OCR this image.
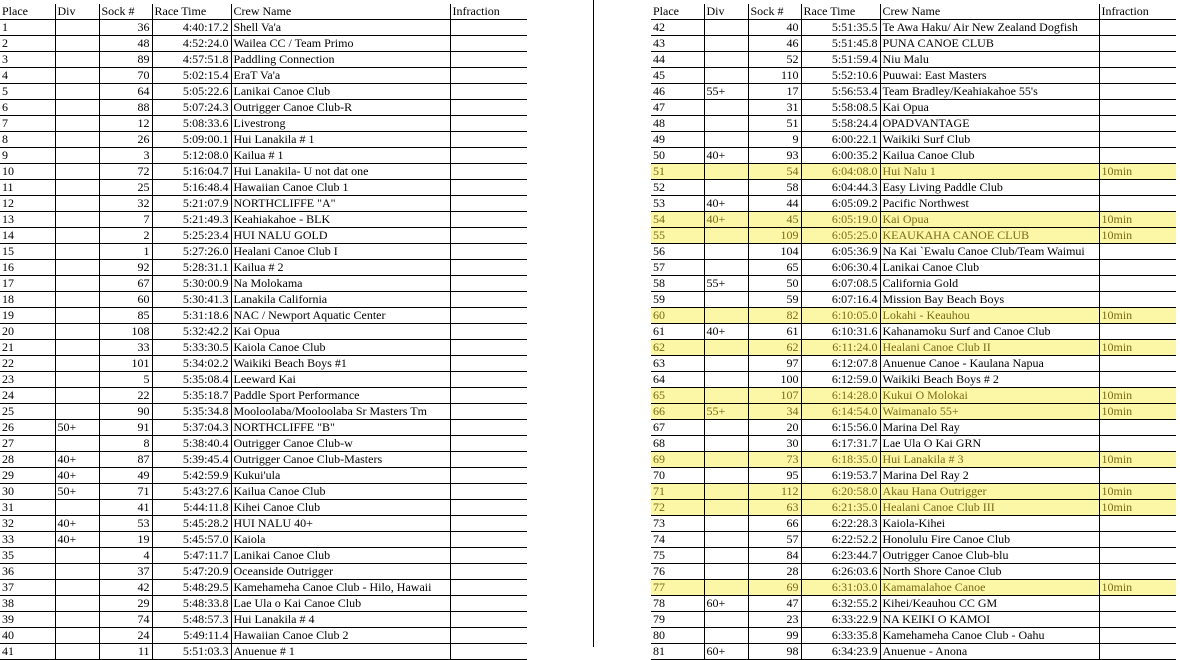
Place	Div	Sock #	Race Time	Crew Name	Infraction
1		36	4:40:17.2	Shell Va'a	
2		48	4:52:24.0	Wailea CC / Team Primo	
3		89	4:57:51.8	Paddling Connection	
4		70	5:02:15.4	EraT Va'a	
5		64	5:05:22.6	Lanikai Canoe Club	
6		88	5:07:24.3	Outrigger Canoe Club-R	
7		12	5:08:33.6	Livestrong	
8		26	5:09:00.1	Hui Lanakila # 1	
9		3	5:12:08.0	Kailua # 1	
10		72	5:16:04.7	Hui Lanakila- U not dat one	
11		25	5:16:48.4	Hawaiian Canoe Club 1	
12		32	5:21:07.9	NORTHCLIFFE "A"	
13		7	5:21:49.3	Keahiakahoe - BLK	
14		2	5:25:23.4	HUI NALU GOLD	
15		1	5:27:26.0	Healani Canoe Club I	
16		92	5:28:31.1	Kailua # 2	
17		67	5:30:00.9	Na Molokama	
18		60	5:30:41.3	Lanakila California	
19		85	5:31:18.6	NAC / Newport Aquatic Center	
20		108	5:32:42.2	Kai Opua	
21		33	5:33:30.5	Kaiola Canoe Club	
22		101	5:34:02.2	Waikiki Beach Boys #1	
23		5	5:35:08.4	Leeward Kai	
24		22	5:35:18.7	Paddle Sport Performance	
25		90	5:35:34.8	Mooloolaba/Mooloolaba Sr Masters Tm	
26	50+	91	5:37:04.3	NORTHCLIFFE "B"	
27		8	5:38:40.4	Outrigger Canoe Club-w	
28	40+	87	5:39:45.4	Outrigger Canoe Club-Masters	
29	40+	49	5:42:59.9	Kukui'ula	
30	50+	71	5:43:27.6	Kailua Canoe Club	
31		41	5:44:11.8	Kihei Canoe Club	
32	40+	53	5:45:28.2	HUI NALU 40+	
33	40+	19	5:45:57.0	Kaiola	
35		4	5:47:11.7	Lanikai Canoe Club	
36		37	5:47:20.9	Oceanside Outrigger	
37		42	5:48:29.5	Kamehameha Canoe Club - Hilo, Hawaii	
38		29	5:48:33.8	Lae Ula o Kai Canoe Club	
39		74	5:48:57.3	Hui Lanakila # 4	
40		24	5:49:11.4	Hawaiian Canoe Club 2	
41		11	5:51:03.3	Anuenue # 1	
Place	Div	Sock #	Race Time	Crew Name	Infraction
42		40	5:51:35.5	Te Awa Haku/ Air New Zealand Dogfish	
43		46	5:51:45.8	PUNA CANOE CLUB	
44		52	5:51:59.4	Niu Malu	
45		110	5:52:10.6	Puuwai: East Masters	
46	55+	17	5:56:53.4	Team Bradley/Keahiakahoe 55's	
47		31	5:58:08.5	Kai Opua	
48		51	5:58:24.4	OPADVANTAGE	
49		9	6:00:22.1	Waikiki Surf Club	
50	40+	93	6:00:35.2	Kailua Canoe Club	
51		54	6:04:08.0	Hui Nalu 1	10min
52		58	6:04:44.3	Easy Living Paddle Club	
53	40+	44	6:05:09.2	Pacific Northwest	
54	40+	45	6:05:19.0	Kai Opua	10min
55		109	6:05:25.0	KEAUKAHA CANOE CLUB	10min
56		104	6:05:36.9	Na Kai `Ewalu Canoe Club/Team Waimui	
57		65	6:06:30.4	Lanikai Canoe Club	
58	55+	50	6:07:08.5	California Gold	
59		59	6:07:16.4	Mission Bay Beach Boys	
60		82	6:10:05.0	Lokahi - Keauhou	10min
61	40+	61	6:10:31.6	Kahanamoku Surf and Canoe Club	
62		62	6:11:24.0	Healani Canoe Club II	10min
63		97	6:12:07.8	Anuenue Canoe - Kaulana Napua	
64		100	6:12:59.0	Waikiki Beach Boys # 2	
65		107	6:14:28.0	Kukui O Molokai	10min
66	55+	34	6:14:54.0	Waimanalo 55+	10min
67		20	6:15:56.0	Marina Del Ray	
68		30	6:17:31.7	Lae Ula O Kai GRN	
69		73	6:18:35.0	Hui Lanakila # 3	10min
70		95	6:19:53.7	Marina Del Ray 2	
71		112	6:20:58.0	Akau Hana Outrigger	10min
72		63	6:21:35.0	Healani Canoe Club III	10min
73		66	6:22:28.3	Kaiola-Kihei	
74		57	6:22:52.2	Honolulu Fire Canoe Club	
75		84	6:23:44.7	Outrigger Canoe Club-blu	
76		28	6:26:03.6	North Shore Canoe Club	
77		69	6:31:03.0	Kamamalahoe Canoe	10min
78	60+	47	6:32:55.2	Kihei/Keauhou CC GM	
79		23	6:33:22.9	NA KEIKI O KAMOI	
80		99	6:33:35.8	Kamehameha Canoe Club - Oahu	
81	60+	98	6:34:23.9	Anuenue - Anona	
